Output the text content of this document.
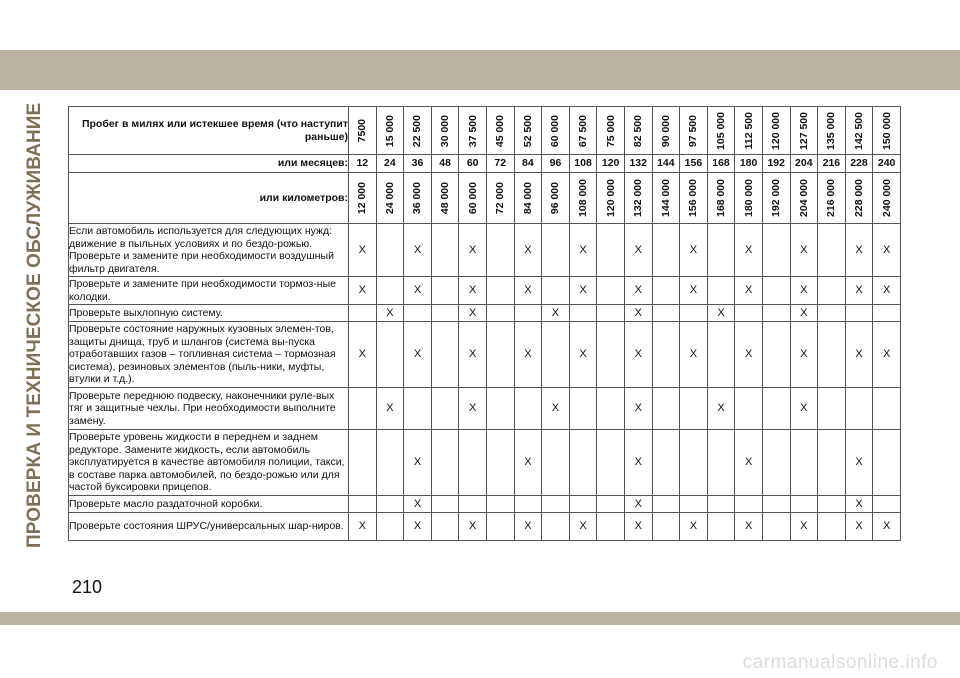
ПРОВЕРКА И ТЕХНИЧЕСКОЕ ОБСЛУЖИВАНИЕ	Пробег в милях или истекшее время (что наступит раньше)	7500	15 000	22 500	30 000	37 500	45 000	52 500	60 000	67 500	75 000	82 500	90 000	97 500	105 000	112 500	120 000	127 500	135 000	142 500	150 000
или месяцев:	12	24	36	48	60	72	84	96	108	120	132	144	156	168	180	192	204	216	228	240
или километров:	12 000	24 000	36 000	48 000	60 000	72 000	84 000	96 000	108 000	120 000	132 000	144 000	156 000	168 000	180 000	192 000	204 000	216 000	228 000	240 000
Если автомобиль используется для следующих нужд: движение в пыльных условиях и по бездо-рожью. Проверьте и замените при необходимости воздушный фильтр двигателя.	X		X		X		X		X		X		X		X		X		X	X
Проверьте и замените при необходимости тормоз-ные колодки.	X		X		X		X		X		X		X		X		X		X	X
Проверьте выхлопную систему.		X			X			X			X			X			X			
Проверьте состояние наружных кузовных элемен-тов, защиты днища, труб и шлангов (система вы-пуска отработавших газов – топливная система – тормозная система), резиновых элементов (пыль-ники, муфты, втулки и т.д.).	X		X		X		X		X		X		X		X		X		X	X
Проверьте переднюю подвеску, наконечники руле-вых тяг и защитные чехлы. При необходимости выполните замену.		X			X			X			X			X			X			
Проверьте уровень жидкости в переднем и заднем редукторе. Замените жидкость, если автомобиль эксплуатируется в качестве автомобиля полиции, такси, в составе парка автомобилей, по бездо-рожью или для частой буксировки прицепов.			X				X				X				X				X	
Проверьте масло раздаточной коробки.			X								X								X	
Проверьте состояния ШРУС/универсальных шар-ниров.	X		X		X		X		X		X		X		X		X		X	X
210
carmanualsonline.info
